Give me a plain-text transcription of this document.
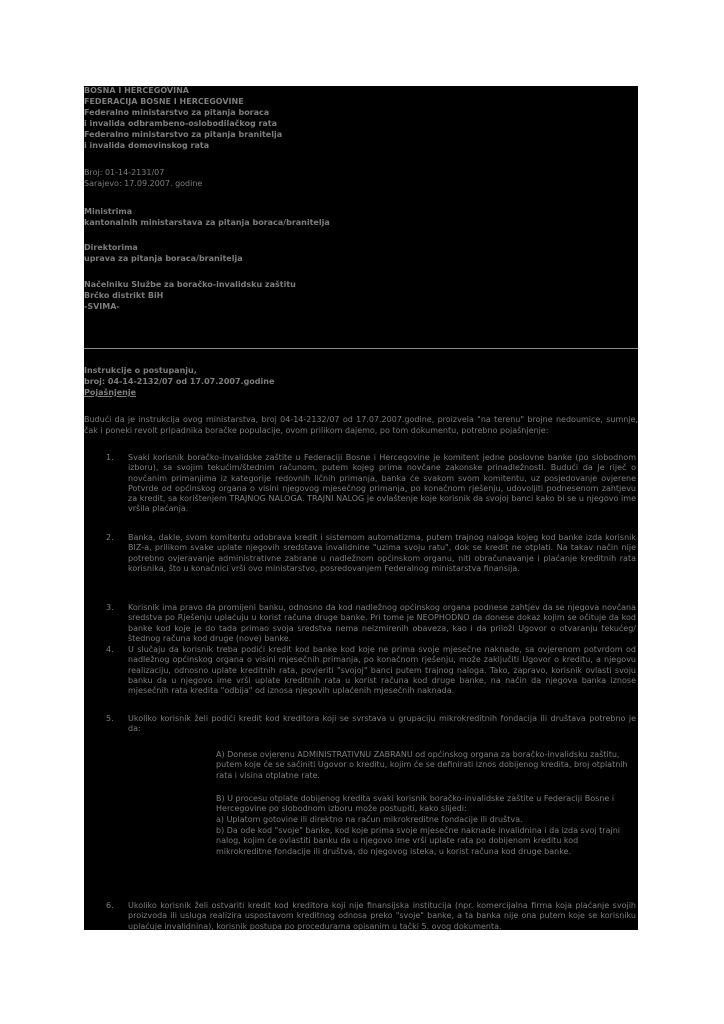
BOSNA I HERCEGOVINA
FEDERACIJA BOSNE I HERCEGOVINE
Federalno ministarstvo za pitanja boraca
i invalida odbrambeno-oslobodilačkog rata
Federalno ministarstvo za pitanja branitelja
i invalida domovinskog rata
Broj: 01-14-2131/07
Sarajevo: 17.09.2007. godine
Ministrima
kantonalnih ministarstava za pitanja boraca/branitelja
Direktorima
uprava za pitanja boraca/branitelja
Načelniku Službe za boračko-invalidsku zaštitu
Brčko distrikt BiH
-SVIMA-
Instrukcije o postupanju,
broj: 04-14-2132/07 od 17.07.2007.godine
Pojašnjenje
Budući da je instrukcija ovog ministarstva, broj 04-14-2132/07 od 17.07.2007.godine, proizvela "na terenu" brojne nedoumice, sumnje, čak i poneki revolt pripadnika boračke populacije, ovom prilikom dajemo, po tom dokumentu, potrebno pojašnjenje:
1. Svaki korisnik boračko-invalidske zaštite u Federaciji Bosne i Hercegovine je komitent jedne poslovne banke (po slobodnom izboru), sa svojim tekućim/štednim računom, putem kojeg prima novčane zakonske prinadležnosti. Budući da je riječ o novčanim primanjima iz kategorije redovnih ličnih primanja, banka će svakom svom komitentu, uz posjedovanje ovjerene Potvrde od općinskog organa o visini njegovog mjesečnog primanja, po konačnom rješenju, udovoljiti podnesenom zahtjevu za kredit, sa korištenjem TRAJNOG NALOGA. TRAJNI NALOG je ovlaštenje koje korisnik da svojoj banci kako bi se u njegovo ime vršila plaćanja.
2. Banka, dakle, svom komitentu odobrava kredit i sistemom automatizma, putem trajnog naloga kojeg kod banke izda korisnik BIZ-a, prilikom svake uplate njegovih sredstava invalidnine "uzima svoju ratu", dok se kredit ne otplati. Na takav način nije potrebno ovjeravanje administrativne zabrane u nadležnom općinskom organu, niti obračunavanje i plaćanje kreditnih rata korisnika, što u konačnici vrši ovo ministarstvo, posredovanjem Federalnog ministarstva finansija.
3. Korisnik ima pravo da promijeni banku, odnosno da kod nadležnog općinskog organa podnese zahtjev da se njegova novčana sredstva po Rješenju uplaćuju u korist računa druge banke. Pri tome je NEOPHODNO da donese dokaz kojim se očituje da kod banke kod koje je do tada primao svoja sredstva nema neizmirenih obaveza, kao i da priloži Ugovor o otvaranju tekućeg/štednog računa kod druge (nove) banke.
4. U slučaju da korisnik treba podići kredit kod banke kod koje ne prima svoje mjesečne naknade, sa ovjerenom potvrdom od nadležnog općinskog organa o visini mjesečnih primanja, po konačnom rješenju, može zaključiti Ugovor o kreditu, a njegovu realizaciju, odnosno uplate kreditnih rata, povjeriti "svojoj" banci putem trajnog naloga. Tako, zapravo, korisnik ovlasti svoju banku da u njegovo ime vrši uplate kreditnih rata u korist računa kod druge banke, na način da njegova banka iznose mjesečnih rata kredita "odbija" od iznosa njegovih uplaćenih mjesečnih naknada.
5. Ukoliko korisnik želi podići kredit kod kreditora koji se svrstava u grupaciju mikrokreditnih fondacija ili društava potrebno je da:
A) Donese ovjerenu ADMINISTRATIVNU ZABRANU od općinskog organa za boračko-invalidsku zaštitu, putem koje će se sačiniti Ugovor o kreditu, kojim će se definirati iznos dobijenog kredita, broj otplatnih rata i visina otplatne rate.
B) U procesu otplate dobijenog kredita svaki korisnik boračko-invalidske zaštite u Federaciji Bosne i Hercegovine po slobodnom izboru može postupiti, kako slijedi:
a) Uplatom gotovine ili direktno na račun mikrokreditne fondacije ili društva.
b) Da ode kod "svoje" banke, kod koje prima svoje mjesečne naknade invalidnina i da izda svoj trajni nalog, kojim će ovlastiti banku da u njegovo ime vrši uplate rata po dobijenom kreditu kod mikrokreditne fondacije ili društva, do njegovog isteka, u korist računa kod druge banke.
6. Ukoliko korisnik želi ostvariti kredit kod kreditora koji nije finansijska institucija (npr. komercijalna firma koja plaćanje svojih proizvoda ili usluga realizira uspostavom kreditnog odnosa preko "svoje" banke, a ta banka nije ona putem koje se korisniku uplaćuje invalidnina), korisnik postupa po procedurama opisanim u tački 5. ovog dokumenta.
